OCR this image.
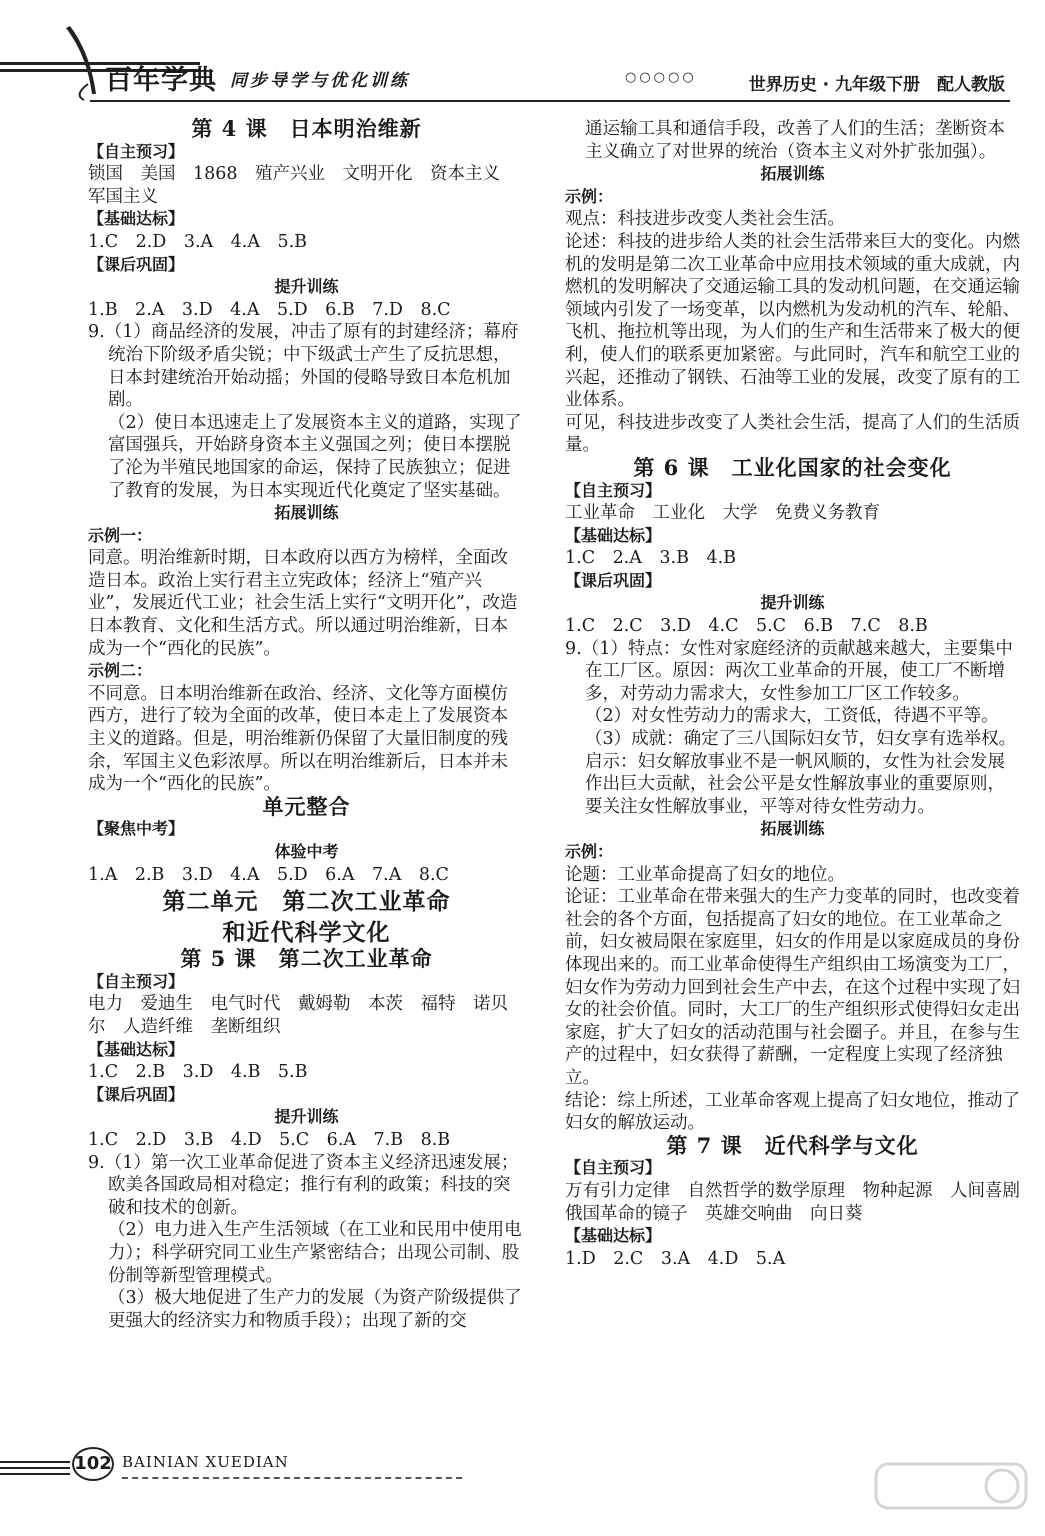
百年学典 同步导学与优化训练	○○○○○	世界历史 · 九年级下册　配人教版

第 4 课　日本明治维新

【自主预习】

锁国　美国　1868　殖产兴业　文明开化　资本主义　军国主义

【基础达标】

1.C　2.D　3.A　4.A　5.B

【课后巩固】

提升训练

1.B　2.A　3.D　4.A　5.D　6.B　7.D　8.C

9.（1）商品经济的发展，冲击了原有的封建经济；幕府统治下阶级矛盾尖锐；中下级武士产生了反抗思想，日本封建统治开始动摇；外国的侵略导致日本危机加剧。

（2）使日本迅速走上了发展资本主义的道路，实现了富国强兵，开始跻身资本主义强国之列；使日本摆脱了沦为半殖民地国家的命运，保持了民族独立；促进了教育的发展，为日本实现近代化奠定了坚实基础。

拓展训练

示例一：

同意。明治维新时期，日本政府以西方为榜样，全面改造日本。政治上实行君主立宪政体；经济上“殖产兴业”，发展近代工业；社会生活上实行“文明开化”，改造日本教育、文化和生活方式。所以通过明治维新，日本成为一个“西化的民族”。

示例二：

不同意。日本明治维新在政治、经济、文化等方面模仿西方，进行了较为全面的改革，使日本走上了发展资本主义的道路。但是，明治维新仍保留了大量旧制度的残余，军国主义色彩浓厚。所以在明治维新后，日本并未成为一个“西化的民族”。

单元整合

【聚焦中考】

体验中考

1.A　2.B　3.D　4.A　5.D　6.A　7.A　8.C

第二单元　第二次工业革命

和近代科学文化

第 5 课　第二次工业革命

【自主预习】

电力　爱迪生　电气时代　戴姆勒　本茨　福特　诺贝尔　人造纤维　垄断组织

【基础达标】

1.C　2.B　3.D　4.B　5.B

【课后巩固】

提升训练

1.C　2.D　3.B　4.D　5.C　6.A　7.B　8.B

9.（1）第一次工业革命促进了资本主义经济迅速发展；欧美各国政局相对稳定；推行有利的政策；科技的突破和技术的创新。

（2）电力进入生产生活领域（在工业和民用中使用电力）；科学研究同工业生产紧密结合；出现公司制、股份制等新型管理模式。

（3）极大地促进了生产力的发展（为资产阶级提供了更强大的经济实力和物质手段）；出现了新的交

通运输工具和通信手段，改善了人们的生活；垄断资本主义确立了对世界的统治（资本主义对外扩张加强）。

拓展训练

示例：

观点：科技进步改变人类社会生活。

论述：科技的进步给人类的社会生活带来巨大的变化。内燃机的发明是第二次工业革命中应用技术领域的重大成就，内燃机的发明解决了交通运输工具的发动机问题，在交通运输领域内引发了一场变革，以内燃机为发动机的汽车、轮船、飞机、拖拉机等出现，为人们的生产和生活带来了极大的便利，使人们的联系更加紧密。与此同时，汽车和航空工业的兴起，还推动了钢铁、石油等工业的发展，改变了原有的工业体系。

可见，科技进步改变了人类社会生活，提高了人们的生活质量。

第 6 课　工业化国家的社会变化

【自主预习】

工业革命　工业化　大学　免费义务教育

【基础达标】

1.C　2.A　3.B　4.B

【课后巩固】

提升训练

1.C　2.C　3.D　4.C　5.C　6.B　7.C　8.B

9.（1）特点：女性对家庭经济的贡献越来越大，主要集中在工厂区。原因：两次工业革命的开展，使工厂不断增多，对劳动力需求大，女性参加工厂区工作较多。

（2）对女性劳动力的需求大，工资低，待遇不平等。

（3）成就：确定了三八国际妇女节，妇女享有选举权。启示：妇女解放事业不是一帆风顺的，女性为社会发展作出巨大贡献，社会公平是女性解放事业的重要原则，要关注女性解放事业，平等对待女性劳动力。

拓展训练

示例：

论题：工业革命提高了妇女的地位。

论证：工业革命在带来强大的生产力变革的同时，也改变着社会的各个方面，包括提高了妇女的地位。在工业革命之前，妇女被局限在家庭里，妇女的作用是以家庭成员的身份体现出来的。而工业革命使得生产组织由工场演变为工厂，妇女作为劳动力回到社会生产中去，在这个过程中实现了妇女的社会价值。同时，大工厂的生产组织形式使得妇女走出家庭，扩大了妇女的活动范围与社会圈子。并且，在参与生产的过程中，妇女获得了薪酬，一定程度上实现了经济独立。

结论：综上所述，工业革命客观上提高了妇女地位，推动了妇女的解放运动。

第 7 课　近代科学与文化

【自主预习】

万有引力定律　自然哲学的数学原理　物种起源　人间喜剧　俄国革命的镜子　英雄交响曲　向日葵

【基础达标】

1.D　2.C　3.A　4.D　5.A

102 BAINIAN XUEDIAN
